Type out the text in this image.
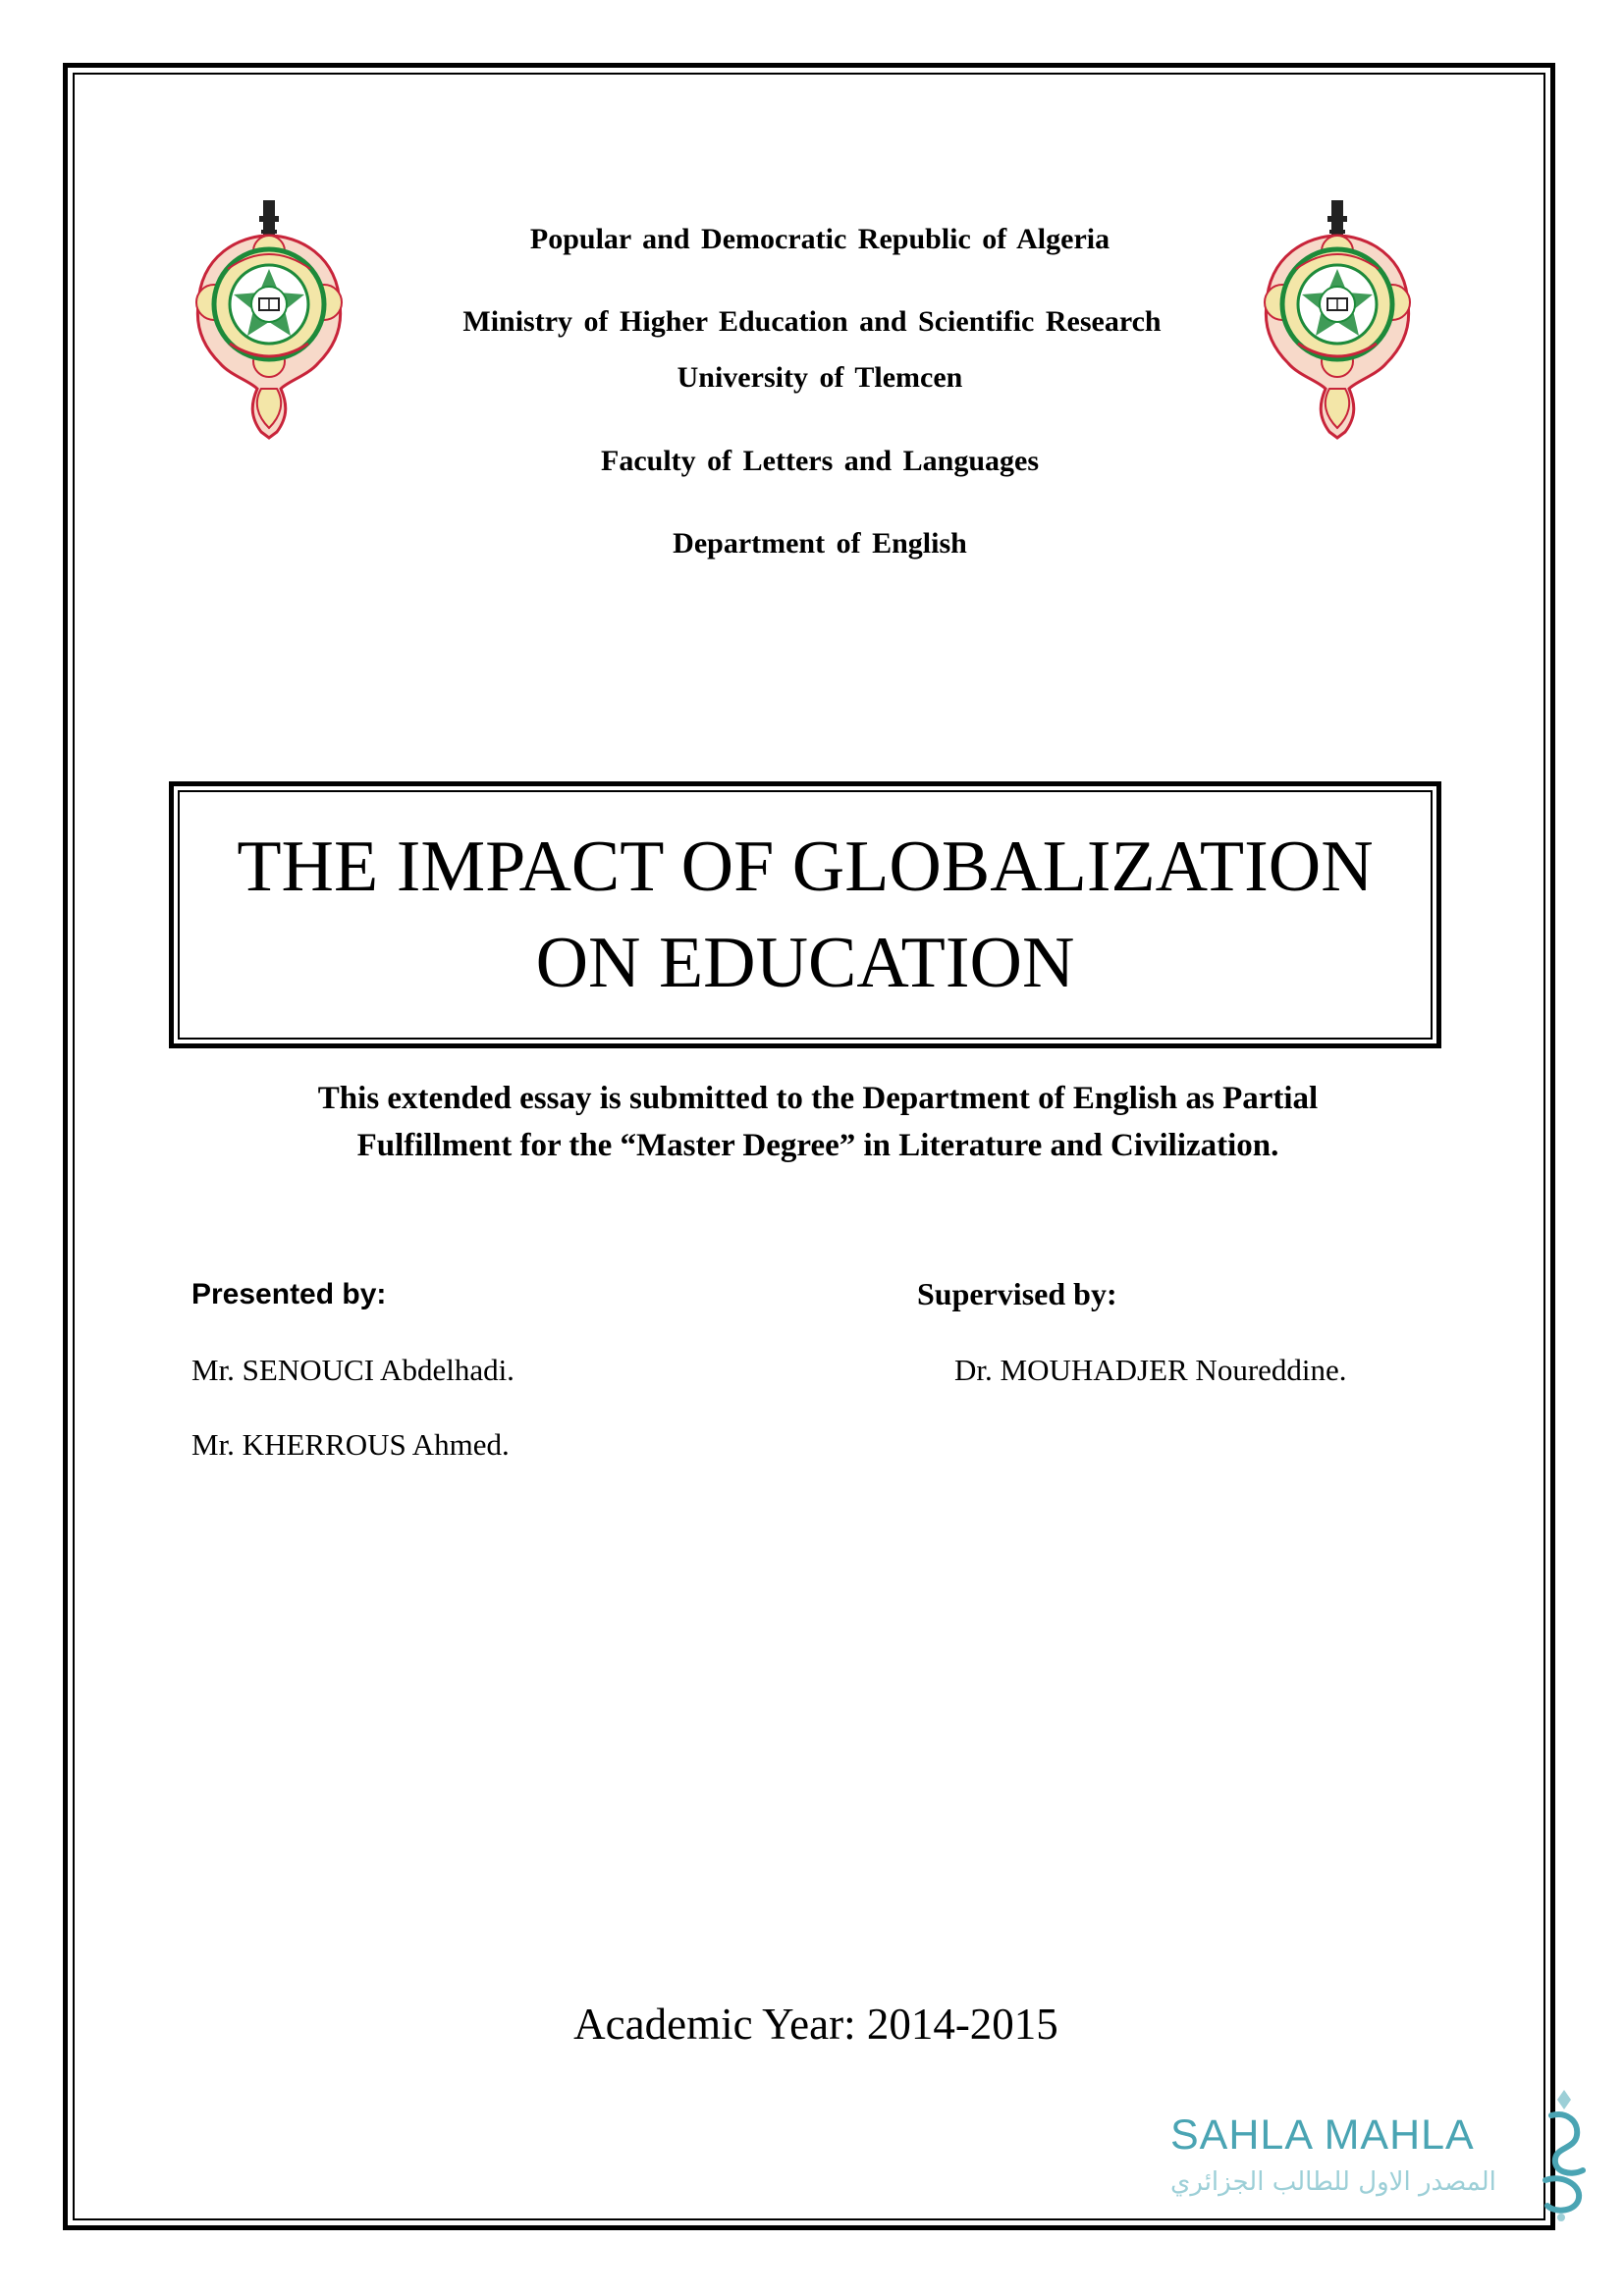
Popular and Democratic Republic of Algeria
Ministry of Higher Education and Scientific Research
University of Tlemcen
Faculty of Letters and Languages
Department of English
THE IMPACT OF GLOBALIZATION
ON EDUCATION
This extended essay is submitted to the Department of English as Partial
Fulfillment for the “Master Degree” in Literature and Civilization.
Presented by:	Supervised by:
Mr. SENOUCI Abdelhadi.
Mr. KHERROUS Ahmed.
Dr. MOUHADJER Noureddine.
Academic Year: 2014-2015
SAHLA MAHLA
المصدر الاول للطالب الجزائري
